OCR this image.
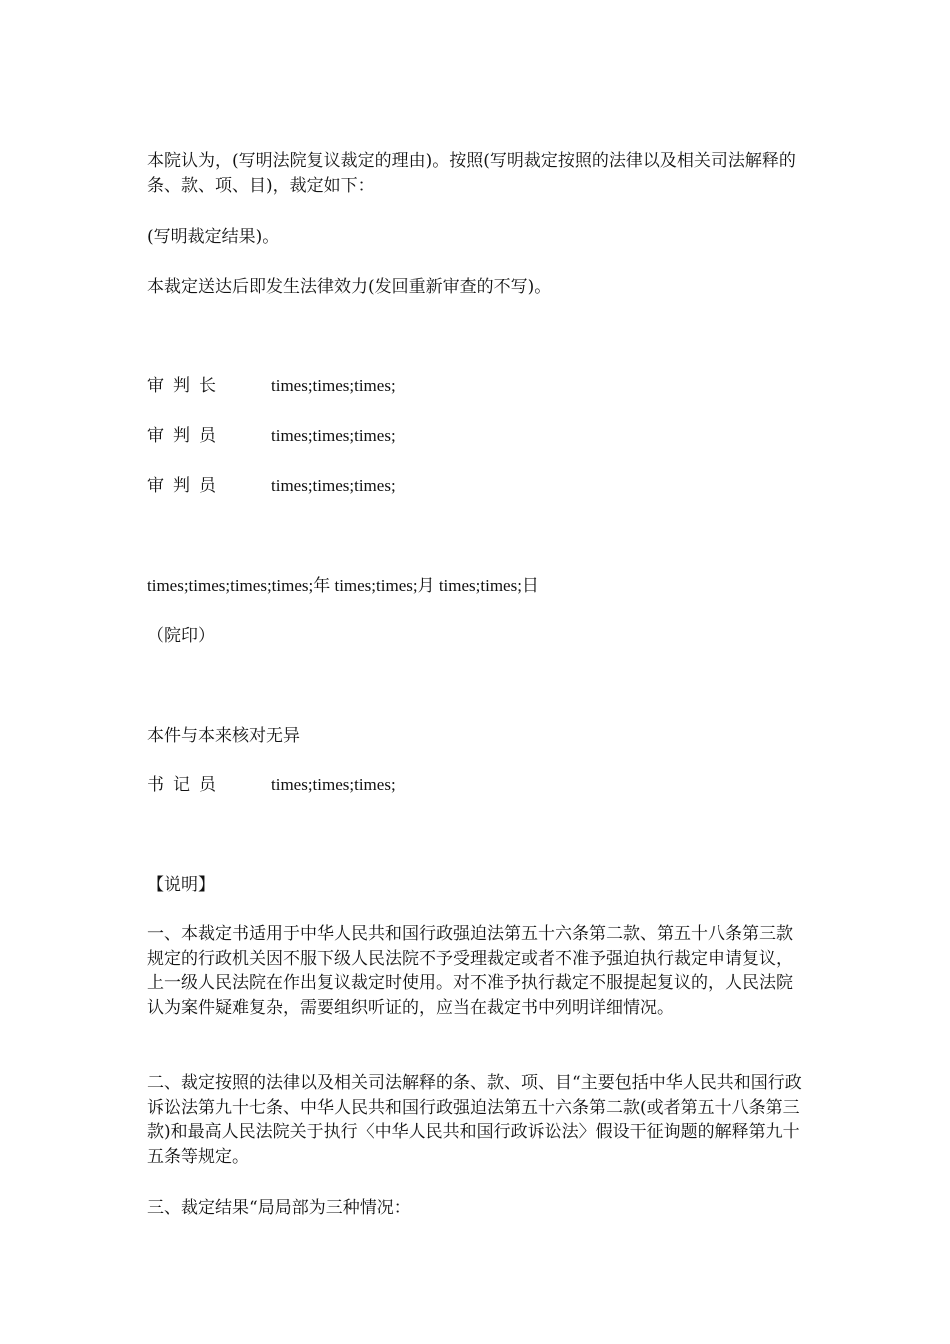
本院认为，(写明法院复议裁定的理由)。按照(写明裁定按照的法律以及相关司法解释的条、款、项、目)，裁定如下：
(写明裁定结果)。
本裁定送达后即发生法律效力(发回重新审查的不写)。
审判长	times;times;times;
审判员	times;times;times;
审判员	times;times;times;
times;times;times;times;年 times;times;月 times;times;日
（院印）
本件与本来核对无异
书记员	times;times;times;
【说明】
一、本裁定书适用于中华人民共和国行政强迫法第五十六条第二款、第五十八条第三款规定的行政机关因不服下级人民法院不予受理裁定或者不准予强迫执行裁定申请复议，上一级人民法院在作出复议裁定时使用。对不准予执行裁定不服提起复议的，人民法院认为案件疑难复杂，需要组织听证的，应当在裁定书中列明详细情况。
二、裁定按照的法律以及相关司法解释的条、款、项、目“主要包括中华人民共和国行政诉讼法第九十七条、中华人民共和国行政强迫法第五十六条第二款(或者第五十八条第三款)和最高人民法院关于执行〈中华人民共和国行政诉讼法〉假设干征询题的解释第九十五条等规定。
三、裁定结果“局局部为三种情况：
